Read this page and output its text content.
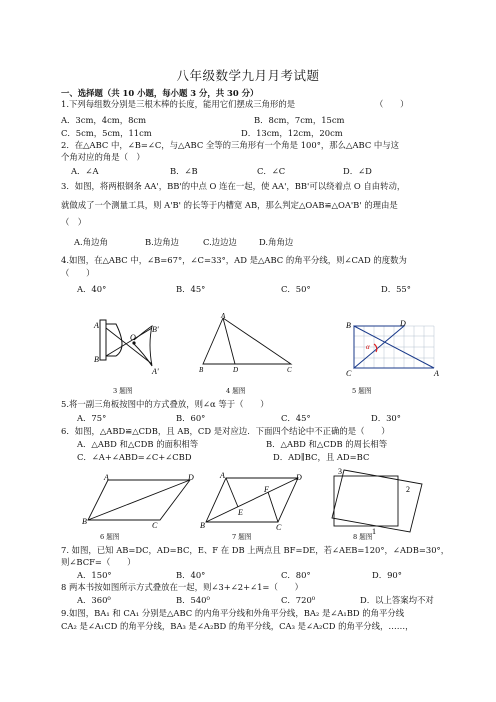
八年级数学九月月考试题
一、选择题（共 10 小题，每小题 3 分，共 30 分）
1.下列每组数分别是三根木棒的长度，能用它们摆成三角形的是	（　　）
A．3cm，4cm，8cm	B．8cm，7cm，15cm
C．5cm，5cm，11cm	D．13cm，12cm，20cm
2．在△ABC 中，∠B=∠C，与△ABC 全等的三角形有一个角是 100°，那么△ABC 中与这
个角对应的角是（　）
A．∠A	B．∠B	C．∠C	D．∠D
3．如图，将两根钢条 AA'，BB'的中点 O 连在一起，使 AA'，BB'可以绕着点 O 自由转动，
就做成了一个测量工具，则 A'B' 的长等于内槽宽 AB，那么判定△OAB≌△OA'B' 的理由是
（　）
A.角边角	B.边角边	C.边边边	D.角角边
4.如图，在△ABC 中，∠B=67°，∠C=33°，AD 是△ABC 的角平分线，则∠CAD 的度数为
（　　）
A．40°	B．45°	C．50°	D．55°
A
B
O
B'
A'
3 题图
A
B	D	C
4 题图
α
B	D
C	A
5 题图
5.将一副三角板按图中的方式叠放，则∠α 等于（　　）
A．75°	B．60°	C．45°	D．30°
6．如图，△ABD≌△CDB，且 AB，CD 是对应边．下面四个结论中不正确的是（　　）
A．△ABD 和△CDB 的面积相等	B．△ABD 和△CDB 的周长相等
C．∠A+∠ABD=∠C+∠CBD	D．AD∥BC，且 AD=BC
A	D
B	C
6 题图
A	D
F
E
B	C
7 题图
3
2
1
8 题图
7. 如图，已知 AB=DC，AD=BC，E、F 在 DB 上两点且 BF=DE，若∠AEB=120°，∠ADB=30°，
则∠BCF=（　　）
A．150°	B．40°	C．80°	D．90°
8 两本书按如图所示方式叠放在一起，则∠3+∠2+∠1=（　　）
A．360⁰	B．540⁰	C．720⁰	D．以上答案均不对
9.如图，BA₁ 和 CA₁ 分别是△ABC 的内角平分线和外角平分线，BA₂ 是∠A₁BD 的角平分线
CA₂ 是∠A₁CD 的角平分线，BA₃ 是∠A₂BD 的角平分线，CA₃ 是∠A₂CD 的角平分线，……，
